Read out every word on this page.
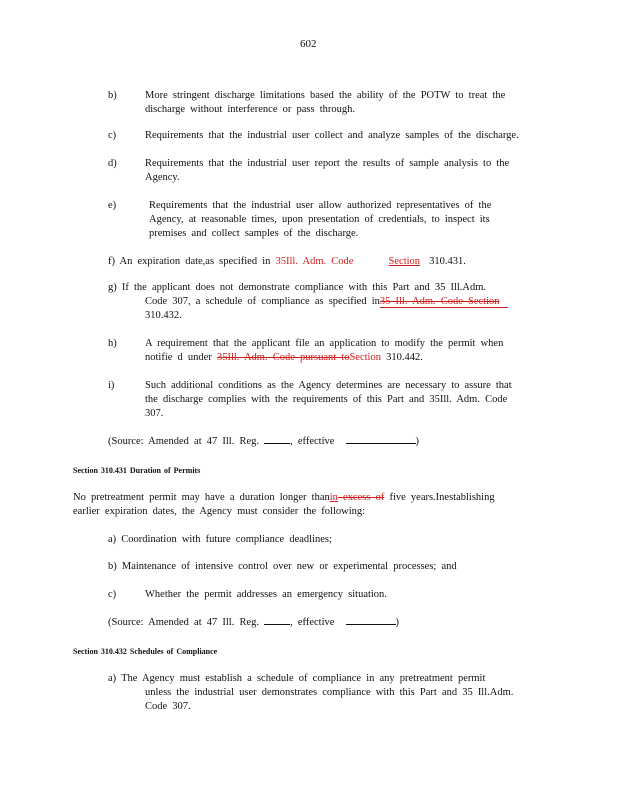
602
b)	More stringent discharge limitations based the ability of the POTW to treat the
discharge without interference or pass through.
c)	Requirements that the industrial user collect and analyze samples of the discharge.
d)	Requirements that the industrial user report the results of sample analysis to the
Agency.
e)	Requirements that the industrial user allow authorized representatives of the
Agency, at reasonable times, upon presentation of credentials, to inspect its
premises and collect samples of the discharge.
f) An expiration date,as specified in 35Ill. Adm. Code	Section 310.431.
g) If the applicant does not demonstrate compliance with this Part and 35 Ill.Adm.
Code 307, a schedule of compliance as specified in35 Ill. Adm. Code Section
310.432.
h)	A requirement that the applicant file an application to modify the permit when
notifie d under 35Ill. Adm. Code pursuant toSection 310.442.
i)	Such additional conditions as the Agency determines are necessary to assure that
the discharge complies with the requirements of this Part and 35Ill. Adm. Code
307.
(Source: Amended at 47 Ill. Reg.	, effective	)
Section 310.431 Duration of Permits
No pretreatment permit may have a duration longer thanin excess of five years.Inestablishing
earlier expiration dates, the Agency must consider the following:
a) Coordination with future compliance deadlines;
b) Maintenance of intensive control over new or experimental processes; and
c)	Whether the permit addresses an emergency situation.
(Source: Amended at 47 Ill. Reg.	, effective	)
Section 310.432 Schedules of Compliance
a) The Agency must establish a schedule of compliance in any pretreatment permit
unless the industrial user demonstrates compliance with this Part and 35 Ill.Adm.
Code 307.
